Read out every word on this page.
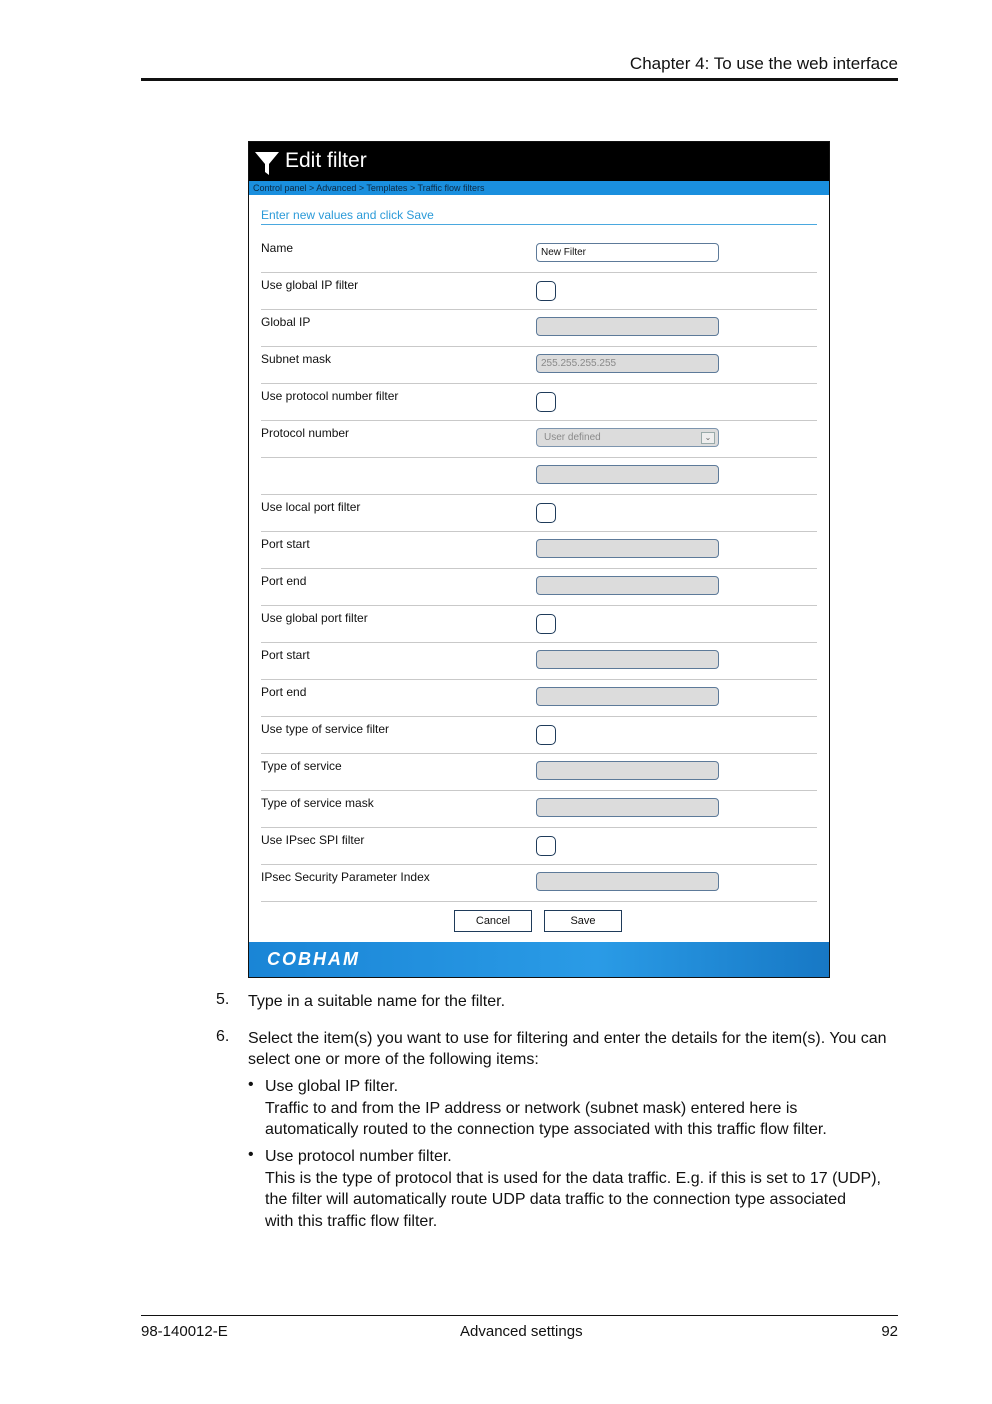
Chapter 4: To use the web interface
Edit filter
Control panel > Advanced > Templates > Traffic flow filters
Enter new values and click Save
Name	New Filter
Use global IP filter
Global IP
Subnet mask	255.255.255.255
Use protocol number filter
Protocol number	User defined	⌄
Use local port filter
Port start
Port end
Use global port filter
Port start
Port end
Use type of service filter
Type of service
Type of service mask
Use IPsec SPI filter
IPsec Security Parameter Index
Cancel	Save
COBHAM
5. Type in a suitable name for the filter.
6. Select the item(s) you want to use for filtering and enter the details for the item(s). You can
select one or more of the following items:
• Use global IP filter.
Traffic to and from the IP address or network (subnet mask) entered here is
automatically routed to the connection type associated with this traffic flow filter.
• Use protocol number filter.
This is the type of protocol that is used for the data traffic. E.g. if this is set to 17 (UDP),
the filter will automatically route UDP data traffic to the connection type associated
with this traffic flow filter.
98-140012-E	Advanced settings	92
